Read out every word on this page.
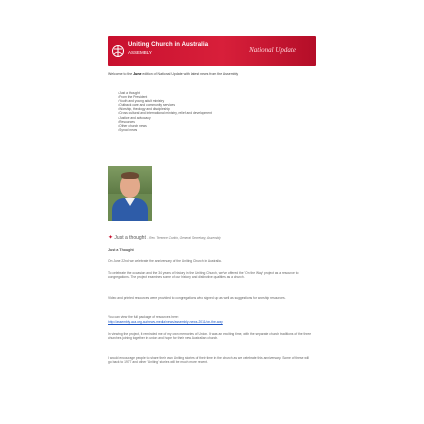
Uniting Church in Australia
ASSEMBLY	National Update
Welcome to the June edition of National Update with latest news from the Assembly
• Just a thought
• From the President
• Youth and young adult ministry
• Outback care and community services
• Worship, theology and discipleship
• Cross cultural and international ministry, relief and development
• Justice and advocacy
• Resources
• Other church news
• Synod news
✦ Just a thought - Rev. Terence Corkin, General Secretary, Assembly
Just a Thought
On June 22nd we celebrate the anniversary of the Uniting Church in Australia.
To celebrate the occasion and the 34 years of history in the Uniting Church, we've offered the 'On the Way' project as a resource to congregations. The project examines some of our history and distinctive qualities as a church.
Video and printed resources were provided to congregations who signed up as well as suggestions for worship resources.
You can view the full package of resources here:
http://assembly.uca.org.au/news-media/news/assembly-news-2011/on-the-way
In viewing the project, it reminded me of my own memories of Union. It was an exciting time, with the separate church traditions of the three churches joining together in union and hope for their new Australian church.
I would encourage people to share their own Uniting stories of their time in the church as we celebrate this anniversary. Some of these will go back to 1977 and other 'Uniting' stories will be much more recent.
